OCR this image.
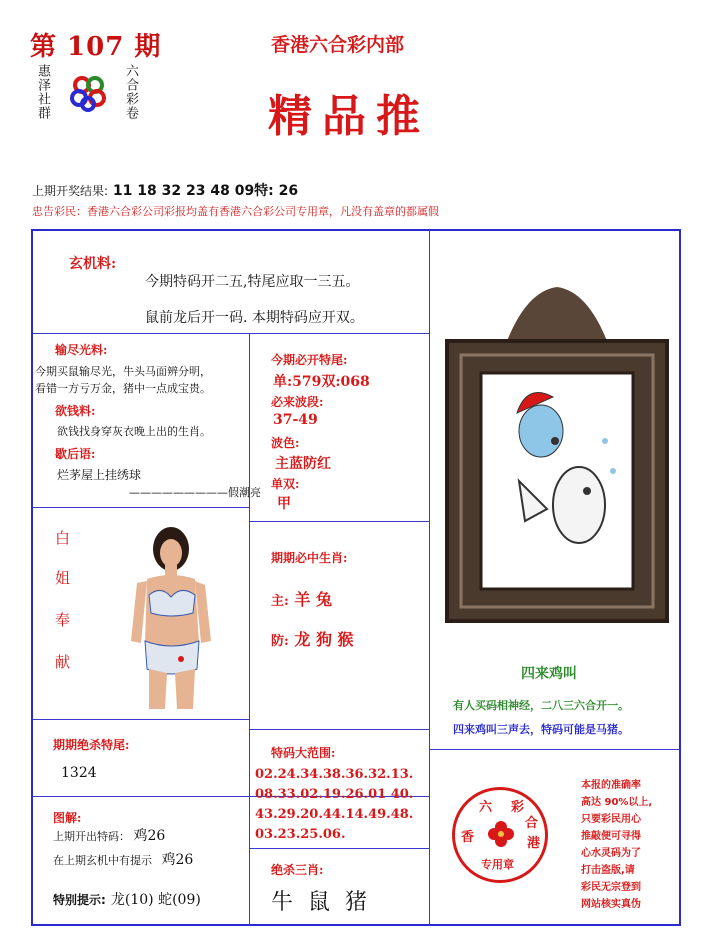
第 107 期
惠泽社群	六合彩卷
香港六合彩内部
精品推
上期开奖结果: 11 18 32 23 48 09特: 26
忠告彩民：香港六合彩公司彩报均盖有香港六合彩公司专用章，凡没有盖章的都属假
玄机料:
今期特码开二五,特尾应取一三五。
鼠前龙后开一码. 本期特码应开双。
输尽光料:
今期买鼠输尽光，牛头马面辨分明，
看错一方亏万金，猪中一点成宝贵。
欲钱料:
欲钱找身穿灰衣晚上出的生肖。
歇后语:
烂茅屋上挂绣球
—————————假潮亮
今期必开特尾:
单:579双:068
必来波段:
37-49
波色:
主蓝防红
单双:
甲
白
姐
奉
献
期期必中生肖:
主: 羊 兔
防: 龙 狗 猴
四来鸡叫
有人买码相神经，二八三六合开一。
四来鸡叫三声去，特码可能是马猪。
期期绝杀特尾:
1324
特码大范围:
02.24.34.38.36.32.13.
08.33.02.19.26.01 40.
43.29.20.44.14.49.48.
03.23.25.06.
图解:
上期开出特码： 鸡26
在上期玄机中有提示 鸡26
特别提示: 龙(10) 蛇(09)
绝杀三肖:
牛 鼠 猪
本报的准确率
高达 90%以上,
只要彩民用心
推敲便可寻得
心水灵码为了
打击盗版,请
彩民无宗登到
网站核实真伪
六 彩
香
合
港
专用章
